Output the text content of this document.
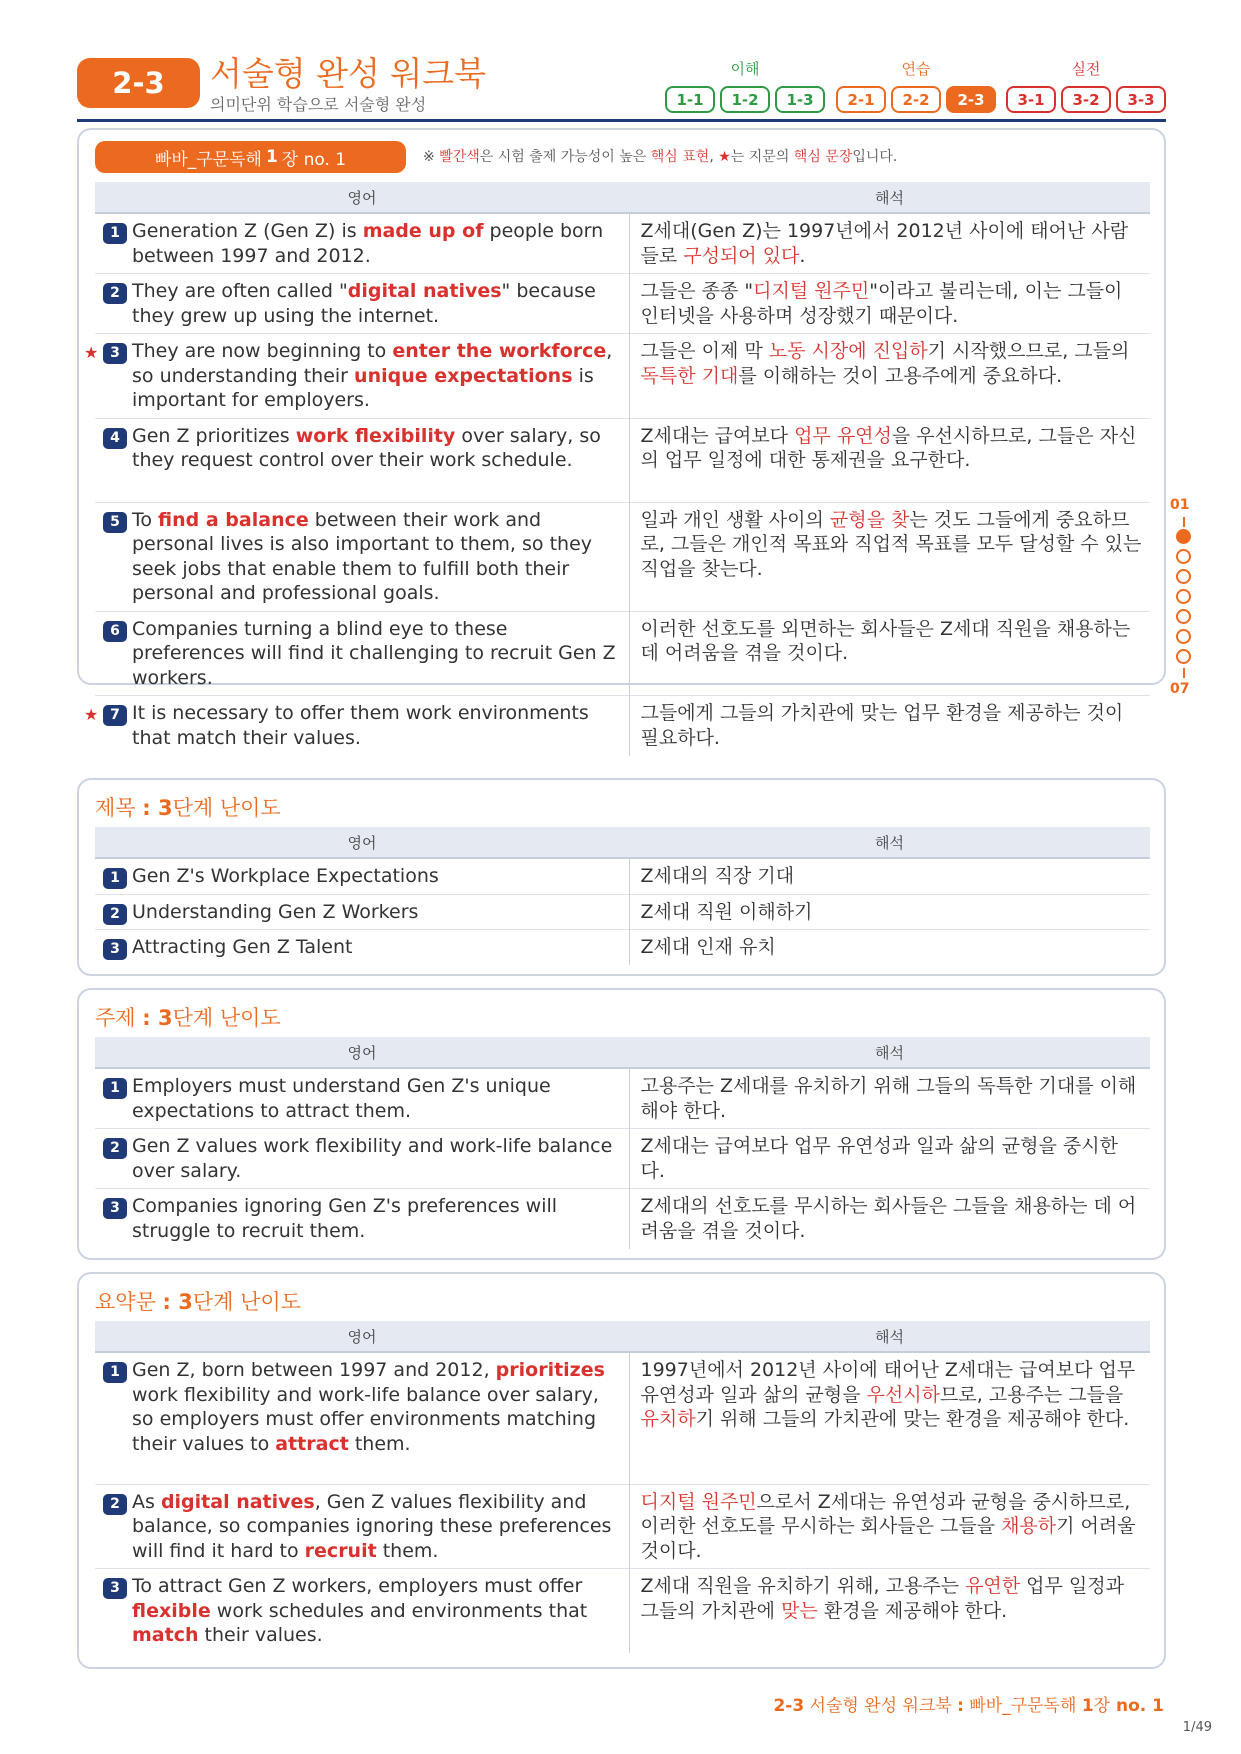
2-3	서술형 완성 워크북
의미단위 학습으로 서술형 완성
이해
1-1	1-2	1-3
연습
2-1	2-2	2-3
실전
3-1	3-2	3-3
빠바_구문독해 1 장 no. 1	※ 빨간색은 시험 출제 가능성이 높은 핵심 표현, ★는 지문의 핵심 문장입니다.
영어	해석

1 Generation Z (Gen Z) is made up of people born between 1997 and 2012.	Z세대(Gen Z)는 1997년에서 2012년 사이에 태어난 사람들로 구성되어 있다.

2 They are often called "digital natives" because they grew up using the internet.	그들은 종종 "디지털 원주민"이라고 불리는데, 이는 그들이 인터넷을 사용하며 성장했기 때문이다.

★ 3 They are now beginning to enter the workforce, so understanding their unique expectations is important for employers.	그들은 이제 막 노동 시장에 진입하기 시작했으므로, 그들의 독특한 기대를 이해하는 것이 고용주에게 중요하다.

4 Gen Z prioritizes work flexibility over salary, so they request control over their work schedule.	Z세대는 급여보다 업무 유연성을 우선시하므로, 그들은 자신의 업무 일정에 대한 통제권을 요구한다.

5 To find a balance between their work and personal lives is also important to them, so they seek jobs that enable them to fulfill both their personal and professional goals.	일과 개인 생활 사이의 균형을 찾는 것도 그들에게 중요하므로, 그들은 개인적 목표와 직업적 목표를 모두 달성할 수 있는 직업을 찾는다.

6 Companies turning a blind eye to these preferences will find it challenging to recruit Gen Z workers.	이러한 선호도를 외면하는 회사들은 Z세대 직원을 채용하는 데 어려움을 겪을 것이다.

★ 7 It is necessary to offer them work environments that match their values.	그들에게 그들의 가치관에 맞는 업무 환경을 제공하는 것이 필요하다.
제목 : 3단계 난이도
영어	해석

1 Gen Z's Workplace Expectations	Z세대의 직장 기대

2 Understanding Gen Z Workers	Z세대 직원 이해하기

3 Attracting Gen Z Talent	Z세대 인재 유치
주제 : 3단계 난이도
영어	해석

1 Employers must understand Gen Z's unique expectations to attract them.	고용주는 Z세대를 유치하기 위해 그들의 독특한 기대를 이해해야 한다.

2 Gen Z values work flexibility and work-life balance over salary.	Z세대는 급여보다 업무 유연성과 일과 삶의 균형을 중시한다.

3 Companies ignoring Gen Z's preferences will struggle to recruit them.	Z세대의 선호도를 무시하는 회사들은 그들을 채용하는 데 어려움을 겪을 것이다.
요약문 : 3단계 난이도
영어	해석

1 Gen Z, born between 1997 and 2012, prioritizes work flexibility and work-life balance over salary, so employers must offer environments matching their values to attract them.	1997년에서 2012년 사이에 태어난 Z세대는 급여보다 업무 유연성과 일과 삶의 균형을 우선시하므로, 고용주는 그들을 유치하기 위해 그들의 가치관에 맞는 환경을 제공해야 한다.

2 As digital natives, Gen Z values flexibility and balance, so companies ignoring these preferences will find it hard to recruit them.	디지털 원주민으로서 Z세대는 유연성과 균형을 중시하므로, 이러한 선호도를 무시하는 회사들은 그들을 채용하기 어려울 것이다.

3 To attract Gen Z workers, employers must offer flexible work schedules and environments that match their values.	Z세대 직원을 유치하기 위해, 고용주는 유연한 업무 일정과 그들의 가치관에 맞는 환경을 제공해야 한다.
01
07
2-3 서술형 완성 워크북 : 빠바_구문독해 1장 no. 1
1/49
